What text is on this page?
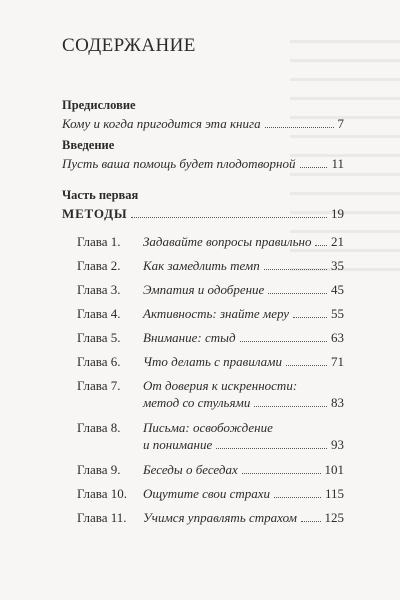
СОДЕРЖАНИЕ
Предисловие
Кому и когда пригодится эта книга	7
Введение
Пусть ваша помощь будет плодотворной	11
Часть первая
МЕТОДЫ	19
Глава 1.	Задавайте вопросы правильно 21
Глава 2.	Как замедлить темп	35
Глава 3.	Эмпатия и одобрение	45
Глава 4.	Активность: знайте меру	55
Глава 5.	Внимание: стыд	63
Глава 6.	Что делать с правилами	71
Глава 7.	От доверия к искренности:
метод со стульями	83
Глава 8.	Письма: освобождение
и понимание	93
Глава 9.	Беседы о беседах	101
Глава 10.	Ощутите свои страхи	115
Глава 11.	Учимся управлять страхом 125
